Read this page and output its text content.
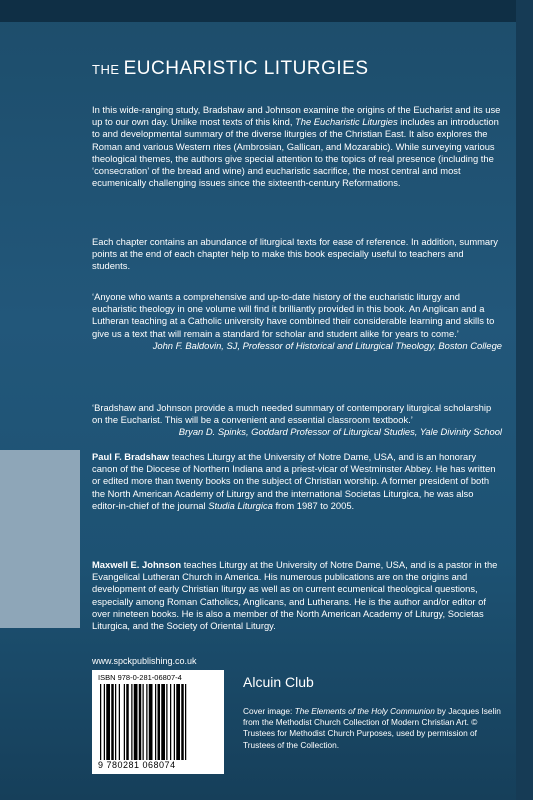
THE EUCHARISTIC LITURGIES

In this wide-ranging study, Bradshaw and Johnson examine the origins of the Eucharist and its use up to our own day. Unlike most texts of this kind, The Eucharistic Liturgies includes an introduction to and developmental summary of the diverse liturgies of the Christian East. It also explores the Roman and various Western rites (Ambrosian, Gallican, and Mozarabic). While surveying various theological themes, the authors give special attention to the topics of real presence (including the ‘consecration’ of the bread and wine) and eucharistic sacrifice, the most central and most ecumenically challenging issues since the sixteenth-century Reformations.

Each chapter contains an abundance of liturgical texts for ease of reference. In addition, summary points at the end of each chapter help to make this book especially useful to teachers and students.

‘Anyone who wants a comprehensive and up-to-date history of the eucharistic liturgy and eucharistic theology in one volume will find it brilliantly provided in this book. An Anglican and a Lutheran teaching at a Catholic university have combined their considerable learning and skills to give us a text that will remain a standard for scholar and student alike for years to come.’
John F. Baldovin, SJ, Professor of Historical and Liturgical Theology, Boston College

‘Bradshaw and Johnson provide a much needed summary of contemporary liturgical scholarship on the Eucharist. This will be a convenient and essential classroom textbook.’
Bryan D. Spinks, Goddard Professor of Liturgical Studies, Yale Divinity School

Paul F. Bradshaw teaches Liturgy at the University of Notre Dame, USA, and is an honorary canon of the Diocese of Northern Indiana and a priest-vicar of Westminster Abbey. He has written or edited more than twenty books on the subject of Christian worship. A former president of both the North American Academy of Liturgy and the international Societas Liturgica, he was also editor-in-chief of the journal Studia Liturgica from 1987 to 2005.

Maxwell E. Johnson teaches Liturgy at the University of Notre Dame, USA, and is a pastor in the Evangelical Lutheran Church in America. His numerous publications are on the origins and development of early Christian liturgy as well as on current ecumenical theological questions, especially among Roman Catholics, Anglicans, and Lutherans. He is the author and/or editor of over nineteen books. He is also a member of the North American Academy of Liturgy, Societas Liturgica, and the Society of Oriental Liturgy.

www.spckpublishing.co.uk
ISBN 978-0-281-06807-4
9 780281 068074
Alcuin Club

Cover image: The Elements of the Holy Communion by Jacques Iselin from the Methodist Church Collection of Modern Christian Art. © Trustees for Methodist Church Purposes, used by permission of Trustees of the Collection.
